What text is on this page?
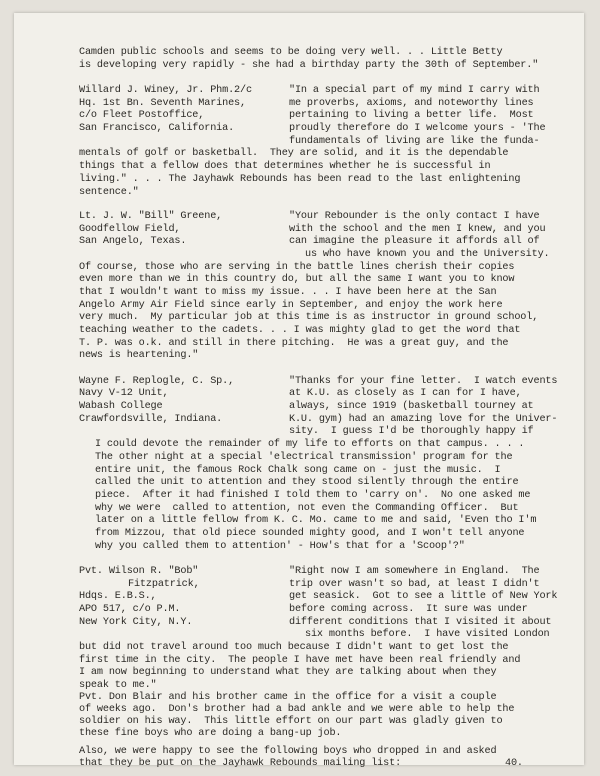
Camden public schools and seems to be doing very well. . . Little Betty
is developing very rapidly - she had a birthday party the 30th of September."
Willard J. Winey, Jr. Phm.2/c	"In a special part of my mind I carry with
Hq. 1st Bn. Seventh Marines,	me proverbs, axioms, and noteworthy lines
c/o Fleet Postoffice,	pertaining to living a better life.  Most
San Francisco, California.	proudly therefore do I welcome yours - 'The
fundamentals of living are like the funda-
mentals of golf or basketball.  They are solid, and it is the dependable
things that a fellow does that determines whether he is successful in
living." . . . The Jayhawk Rebounds has been read to the last enlightening
sentence."
Lt. J. W. "Bill" Greene,	"Your Rebounder is the only contact I have
Goodfellow Field,	with the school and the men I knew, and you
San Angelo, Texas.	can imagine the pleasure it affords all of
us who have known you and the University.
Of course, those who are serving in the battle lines cherish their copies
even more than we in this country do, but all the same I want you to know
that I wouldn't want to miss my issue. . . I have been here at the San
Angelo Army Air Field since early in September, and enjoy the work here
very much.  My particular job at this time is as instructor in ground school,
teaching weather to the cadets. . . I was mighty glad to get the word that
T. P. was o.k. and still in there pitching.  He was a great guy, and the
news is heartening."
Wayne F. Replogle, C. Sp.,	"Thanks for your fine letter.  I watch events
Navy V-12 Unit,	at K.U. as closely as I can for I have,
Wabash College	always, since 1919 (basketball tourney at
Crawfordsville, Indiana.	K.U. gym) had an amazing love for the Univer-
sity.  I guess I'd be thoroughly happy if
I could devote the remainder of my life to efforts on that campus. . . .
The other night at a special 'electrical transmission' program for the
entire unit, the famous Rock Chalk song came on - just the music.  I
called the unit to attention and they stood silently through the entire
piece.  After it had finished I told them to 'carry on'.  No one asked me
why we were  called to attention, not even the Commanding Officer.  But
later on a little fellow from K. C. Mo. came to me and said, 'Even tho I'm
from Mizzou, that old piece sounded mighty good, and I won't tell anyone
why you called them to attention' - How's that for a 'Scoop'?"
Pvt. Wilson R. "Bob"	"Right now I am somewhere in England.  The
Fitzpatrick,	trip over wasn't so bad, at least I didn't
Hdqs. E.B.S.,	get seasick.  Got to see a little of New York
APO 517, c/o P.M.	before coming across.  It sure was under
New York City, N.Y.	different conditions that I visited it about
six months before.  I have visited London
but did not travel around too much because I didn't want to get lost the
first time in the city.  The people I have met have been real friendly and
I am now beginning to understand what they are talking about when they
speak to me."
Pvt. Don Blair and his brother came in the office for a visit a couple
of weeks ago.  Don's brother had a bad ankle and we were able to help the
soldier on his way.  This little effort on our part was gladly given to
these fine boys who are doing a bang-up job.
Also, we were happy to see the following boys who dropped in and asked
that they be put on the Jayhawk Rebounds mailing list:	40.
